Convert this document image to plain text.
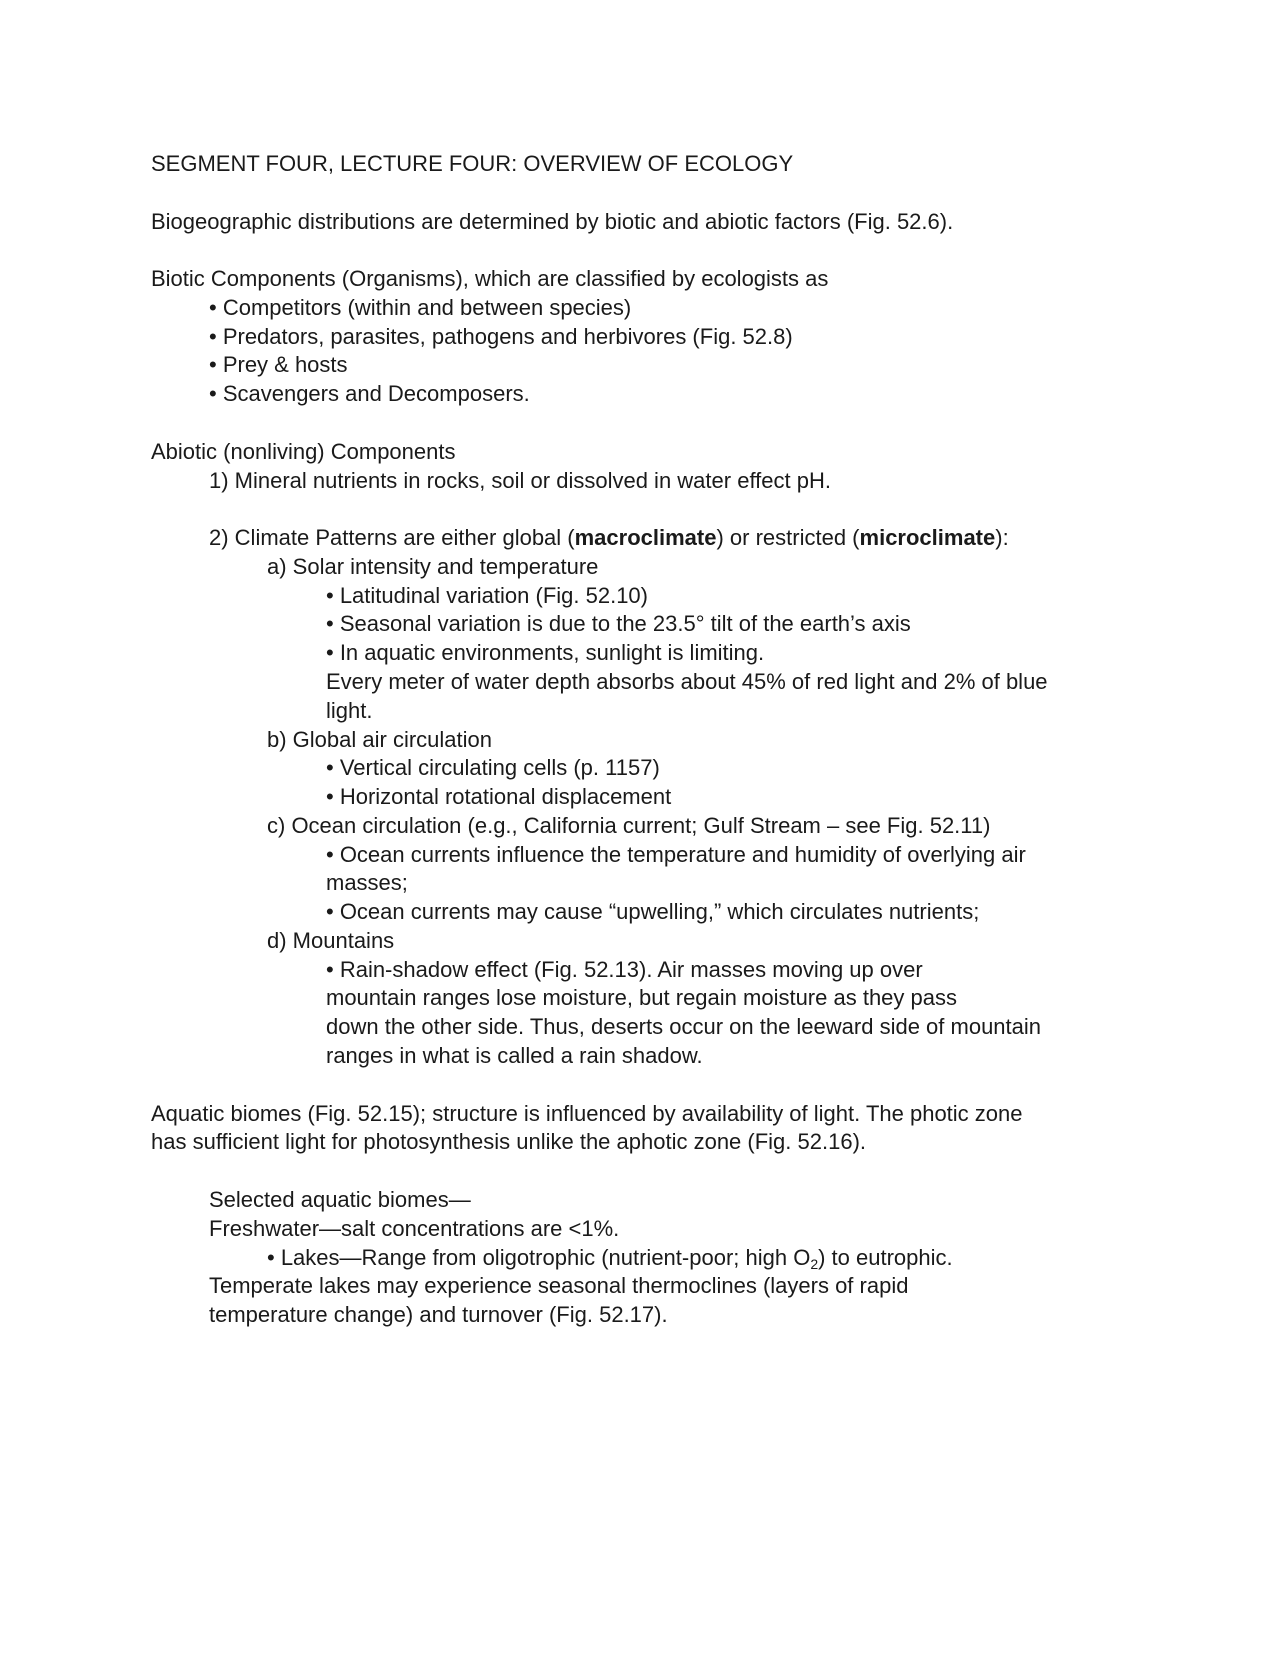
SEGMENT FOUR, LECTURE FOUR: OVERVIEW OF ECOLOGY
Biogeographic distributions are determined by biotic and abiotic factors (Fig. 52.6).
Biotic Components (Organisms), which are classified by ecologists as
• Competitors (within and between species)
• Predators, parasites, pathogens and herbivores (Fig. 52.8)
• Prey & hosts
• Scavengers and Decomposers.
Abiotic (nonliving) Components
1) Mineral nutrients in rocks, soil or dissolved in water effect pH.
2) Climate Patterns are either global (macroclimate) or restricted (microclimate):
a) Solar intensity and temperature
• Latitudinal variation (Fig. 52.10)
• Seasonal variation is due to the 23.5° tilt of the earth’s axis
• In aquatic environments, sunlight is limiting.
Every meter of water depth absorbs about 45% of red light and 2% of blue
light.
b) Global air circulation
• Vertical circulating cells (p. 1157)
• Horizontal rotational displacement
c) Ocean circulation (e.g., California current; Gulf Stream – see Fig. 52.11)
• Ocean currents influence the temperature and humidity of overlying air
masses;
• Ocean currents may cause “upwelling,” which circulates nutrients;
d) Mountains
• Rain-shadow effect (Fig. 52.13). Air masses moving up over
mountain ranges lose moisture, but regain moisture as they pass
down the other side. Thus, deserts occur on the leeward side of mountain
ranges in what is called a rain shadow.
Aquatic biomes (Fig. 52.15); structure is influenced by availability of light. The photic zone
has sufficient light for photosynthesis unlike the aphotic zone (Fig. 52.16).
Selected aquatic biomes—
Freshwater—salt concentrations are <1%.
• Lakes—Range from oligotrophic (nutrient-poor; high $O_2$) to eutrophic.
Temperate lakes may experience seasonal thermoclines (layers of rapid
temperature change) and turnover (Fig. 52.17).
